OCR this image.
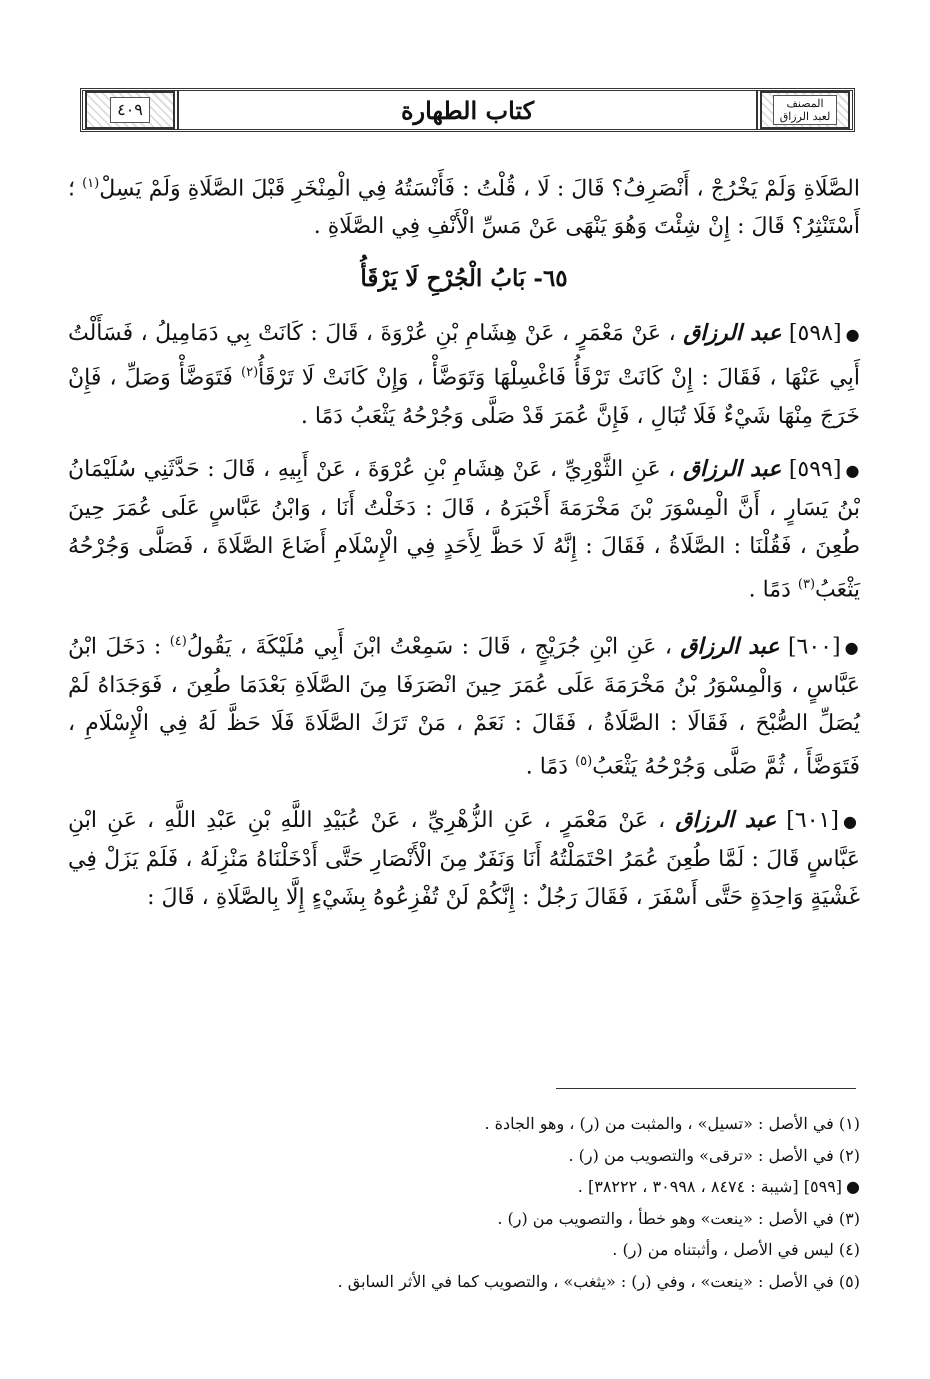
المصنف
لعبد الرزاق
كتاب الطهارة
٤٠٩

الصَّلَاةِ وَلَمْ يَخْرُجْ ، أَنْصَرِفُ؟ قَالَ : لَا ، قُلْتُ : فَأَنْسَتُهُ فِي الْمِنْخَرِ قَبْلَ الصَّلَاةِ وَلَمْ يَسِلْ$^{(١)}$ ؛ أَسْتَنْثِرُ؟ قَالَ : إِنْ شِئْتَ وَهُوَ يَنْهَى عَنْ مَسِّ الْأَنْفِ فِي الصَّلَاةِ .

٦٥- بَابُ الْجُرْحِ لَا يَرْقَأُ

●[٥٩٨] عبد الرزاق ، عَنْ مَعْمَرٍ ، عَنْ هِشَامِ بْنِ عُرْوَةَ ، قَالَ : كَانَتْ بِي دَمَامِيلُ ، فَسَأَلْتُ أَبِي عَنْهَا ، فَقَالَ : إِنْ كَانَتْ تَرْقَأُ فَاغْسِلْهَا وَتَوَضَّأْ ، وَإِنْ كَانَتْ لَا تَرْقَأُ$^{(٢)}$ فَتَوَضَّأْ وَصَلِّ ، فَإِنْ خَرَجَ مِنْهَا شَيْءٌ فَلَا تُبَالِ ، فَإِنَّ عُمَرَ قَدْ صَلَّى وَجُرْحُهُ يَثْعَبُ دَمًا .

●[٥٩٩] عبد الرزاق ، عَنِ الثَّوْرِيِّ ، عَنْ هِشَامِ بْنِ عُرْوَةَ ، عَنْ أَبِيهِ ، قَالَ : حَدَّثَنِي سُلَيْمَانُ بْنُ يَسَارٍ ، أَنَّ الْمِسْوَرَ بْنَ مَخْرَمَةَ أَخْبَرَهُ ، قَالَ : دَخَلْتُ أَنَا ، وَابْنُ عَبَّاسٍ عَلَى عُمَرَ حِينَ طُعِنَ ، فَقُلْنَا : الصَّلَاةُ ، فَقَالَ : إِنَّهُ لَا حَظَّ لِأَحَدٍ فِي الْإِسْلَامِ أَضَاعَ الصَّلَاةَ ، فَصَلَّى وَجُرْحُهُ يَثْعَبُ$^{(٣)}$ دَمًا .

●[٦٠٠] عبد الرزاق ، عَنِ ابْنِ جُرَيْجٍ ، قَالَ : سَمِعْتُ ابْنَ أَبِي مُلَيْكَةَ ، يَقُولُ$^{(٤)}$ : دَخَلَ ابْنُ عَبَّاسٍ ، وَالْمِسْوَرُ بْنُ مَخْرَمَةَ عَلَى عُمَرَ حِينَ انْصَرَفَا مِنَ الصَّلَاةِ بَعْدَمَا طُعِنَ ، فَوَجَدَاهُ لَمْ يُصَلِّ الصُّبْحَ ، فَقَالَا : الصَّلَاةُ ، فَقَالَ : نَعَمْ ، مَنْ تَرَكَ الصَّلَاةَ فَلَا حَظَّ لَهُ فِي الْإِسْلَامِ ، فَتَوَضَّأَ ، ثُمَّ صَلَّى وَجُرْحُهُ يَثْعَبُ$^{(٥)}$ دَمًا .

●[٦٠١] عبد الرزاق ، عَنْ مَعْمَرٍ ، عَنِ الزُّهْرِيِّ ، عَنْ عُبَيْدِ اللَّهِ بْنِ عَبْدِ اللَّهِ ، عَنِ ابْنِ عَبَّاسٍ قَالَ : لَمَّا طُعِنَ عُمَرُ احْتَمَلْتُهُ أَنَا وَنَفَرٌ مِنَ الْأَنْصَارِ حَتَّى أَدْخَلْنَاهُ مَنْزِلَهُ ، فَلَمْ يَزَلْ فِي غَشْيَةٍ وَاحِدَةٍ حَتَّى أَسْفَرَ ، فَقَالَ رَجُلٌ : إِنَّكُمْ لَنْ تُفْزِعُوهُ بِشَيْءٍ إِلَّا بِالصَّلَاةِ ، قَالَ :

(١) في الأصل : «تسيل» ، والمثبت من (ر) ، وهو الجادة .
(٢) في الأصل : «ترقى» والتصويب من (ر) .
●[٥٩٩] [شيبة : ٨٤٧٤ ، ٣٠٩٩٨ ، ٣٨٢٢٢] .
(٣) في الأصل : «ينعت» وهو خطأ ، والتصويب من (ر) .
(٤) ليس في الأصل ، وأثبتناه من (ر) .
(٥) في الأصل : «ينعت» ، وفي (ر) : «يثغب» ، والتصويب كما في الأثر السابق .
